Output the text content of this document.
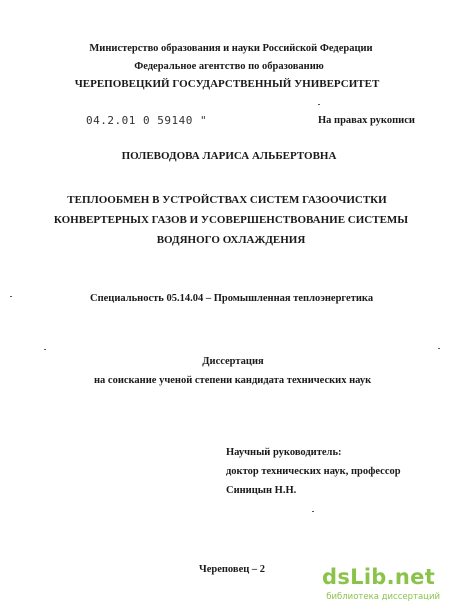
Министерство образования и науки Российской Федерации
Федеральное агентство по образованию
ЧЕРЕПОВЕЦКИЙ ГОСУДАРСТВЕННЫЙ УНИВЕРСИТЕТ
04.2.01 0 59140 "	На правах рукописи
ПОЛЕВОДОВА ЛАРИСА АЛЬБЕРТОВНА
ТЕПЛООБМЕН В УСТРОЙСТВАХ СИСТЕМ ГАЗООЧИСТКИ
КОНВЕРТЕРНЫХ ГАЗОВ И УСОВЕРШЕНСТВОВАНИЕ СИСТЕМЫ
ВОДЯНОГО ОХЛАЖДЕНИЯ
Специальность 05.14.04 – Промышленная теплоэнергетика
Диссертация
на соискание ученой степени кандидата технических наук
Научный руководитель:
доктор технических наук, профессор
Синицын Н.Н.
Череповец – 2	dsLib.net
библиотека диссертаций
